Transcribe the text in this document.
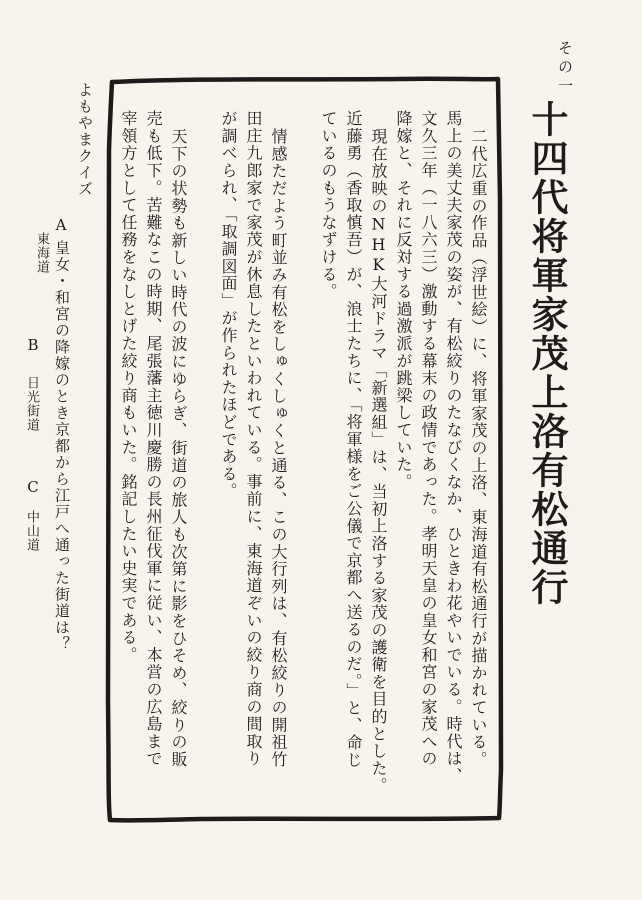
その一
十四代将軍家茂上洛有松通行
二代広重の作品（浮世絵）に、将軍家茂の上洛、東海道有松通行が描かれている。
馬上の美丈夫家茂の姿が、有松絞りのたなびくなか、ひときわ花やいでいる。時代は、
文久三年（一八六三）激動する幕末の政情であった。孝明天皇の皇女和宮の家茂への
降嫁と、それに反対する過激派が跳梁していた。
現在放映のNHK大河ドラマ「新選組」は、当初上洛する家茂の護衛を目的とした。
近藤勇（香取慎吾）が、浪士たちに、「将軍様をご公儀で京都へ送るのだ。」と、命じ
ているのもうなずける。
情感ただよう町並み有松をしゅくしゅくと通る、この大行列は、有松絞りの開祖竹
田庄九郎家で家茂が休息したといわれている。事前に、東海道ぞいの絞り商の間取り
が調べられ、「取調図面」が作られたほどである。
天下の状勢も新しい時代の波にゆらぎ、街道の旅人も次第に影をひそめ、絞りの販
売も低下。苦難なこの時期、尾張藩主徳川慶勝の長州征伐軍に従い、本営の広島まで
宰領方として任務をなしとげた絞り商もいた。銘記したい史実である。
よもやまクイズ
皇女・和宮の降嫁のとき京都から江戸へ通った街道は？
A
東海道
B
日光街道
C
中山道
